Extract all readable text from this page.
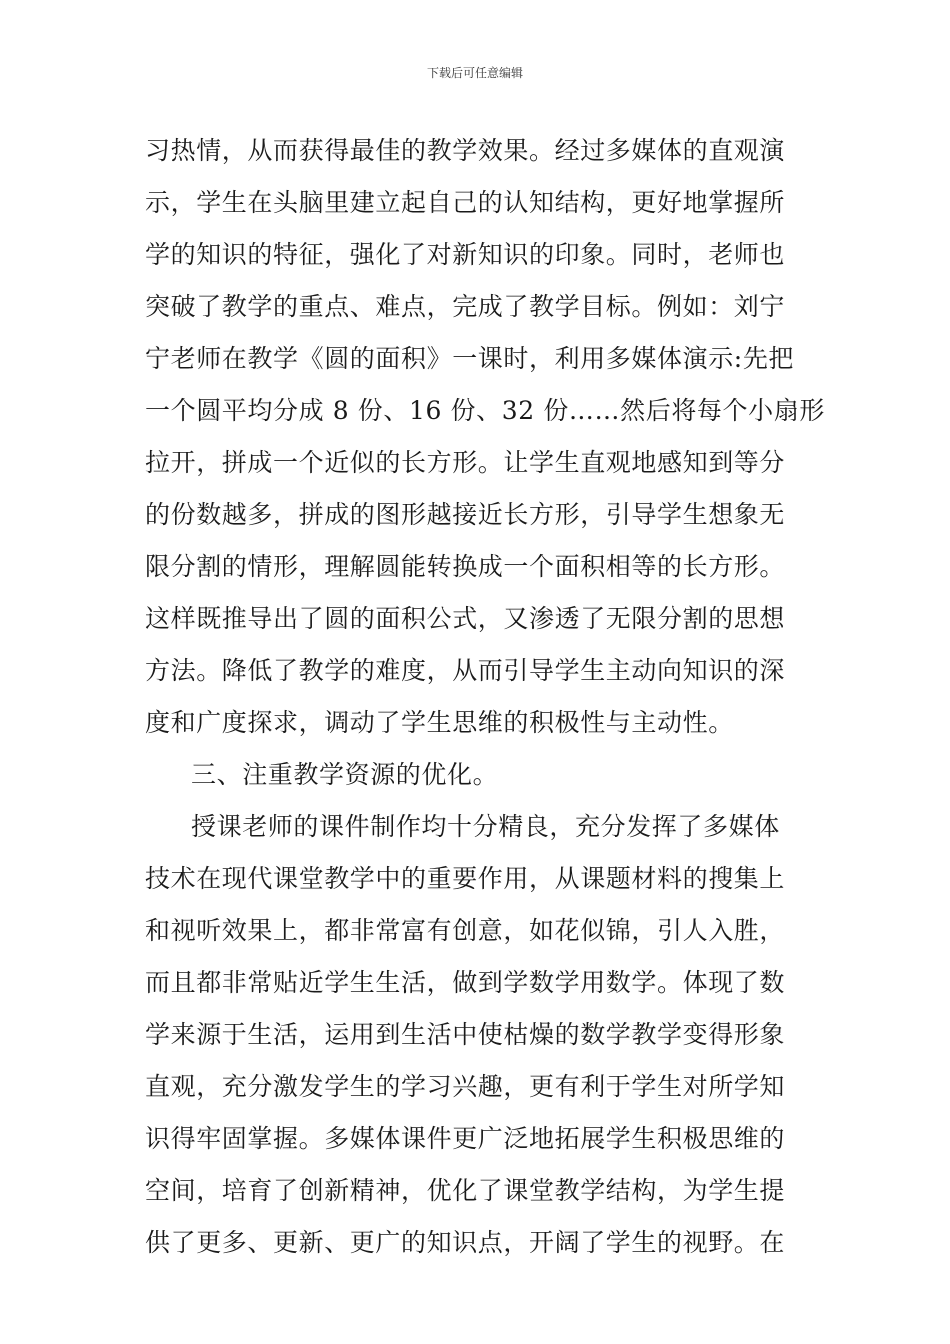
下载后可任意编辑
习热情，从而获得最佳的教学效果。经过多媒体的直观演
示，学生在头脑里建立起自己的认知结构，更好地掌握所
学的知识的特征，强化了对新知识的印象。同时，老师也
突破了教学的重点、难点，完成了教学目标。例如：刘宁
宁老师在教学《圆的面积》一课时，利用多媒体演示:先把
一个圆平均分成 8 份、16 份、32 份……然后将每个小扇形
拉开，拼成一个近似的长方形。让学生直观地感知到等分
的份数越多，拼成的图形越接近长方形，引导学生想象无
限分割的情形，理解圆能转换成一个面积相等的长方形。
这样既推导出了圆的面积公式，又渗透了无限分割的思想
方法。降低了教学的难度，从而引导学生主动向知识的深
度和广度探求，调动了学生思维的积极性与主动性。
三、注重教学资源的优化。
授课老师的课件制作均十分精良，充分发挥了多媒体
技术在现代课堂教学中的重要作用，从课题材料的搜集上
和视听效果上，都非常富有创意，如花似锦，引人入胜，
而且都非常贴近学生生活，做到学数学用数学。体现了数
学来源于生活，运用到生活中使枯燥的数学教学变得形象
直观，充分激发学生的学习兴趣，更有利于学生对所学知
识得牢固掌握。多媒体课件更广泛地拓展学生积极思维的
空间，培育了创新精神，优化了课堂教学结构，为学生提
供了更多、更新、更广的知识点，开阔了学生的视野。在
